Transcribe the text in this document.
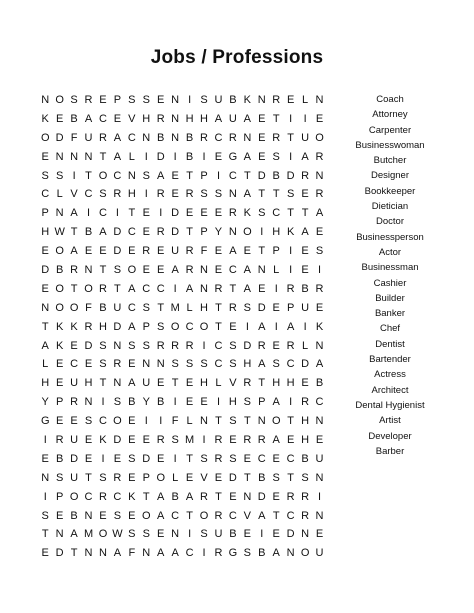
Jobs / Professions
N O S R E P S S E N I S U B K N R E L N
K E B A C E V H R N H H A U A E T I	I E
O D F U R A C N B N B R C R N E R T U O
E N N N T A L I D I B I E G A E S I A R
S S I T O C N S A E T P I C T D B D R N
C L V C S R H I R E R S S N A T T S E R
P N A I C I T E I D E E E R K S C T T A
H W T B A D C E R D T P Y N O I H K A E
E O A E E D E R E U R F E A E T P I E S
D B R N T S O E E A R N E C A N L I E I
E O T O R T A C C I A N R T A E I R B R
N O O F B U C S T M L H T R S D E P U E
T K K R H D A P S O C O T E I A I A I K
A K E D S N S S R R R I C S D R E R L N
L E C E S R E N N S S S C S H A S C D A
H E U H T N A U E T E H L V R T H H E B
Y P R N I S B Y B I E E I H S P A I R C
G E E S C O E I	I F L N T S T N O T H N
I R U E K D E E R S M I R E R R A E H E
E B D E I E S D E I T S R S E C E C B U
N S U T S R E P O L E V E D T B S T S N
I P O C R C K T A B A R T E N D E R R I
S E B N E S E O A C T O R C V A T C R N
T N A M O W S S E N I S U B E I E D N E
E D T N N A F N A A C I R G S B A N O U
Coach
Attorney
Carpenter
Businesswoman
Butcher
Designer
Bookkeeper
Dietician
Doctor
Businessperson
Actor
Businessman
Cashier
Builder
Banker
Chef
Dentist
Bartender
Actress
Architect
Dental Hygienist
Artist
Developer
Barber
